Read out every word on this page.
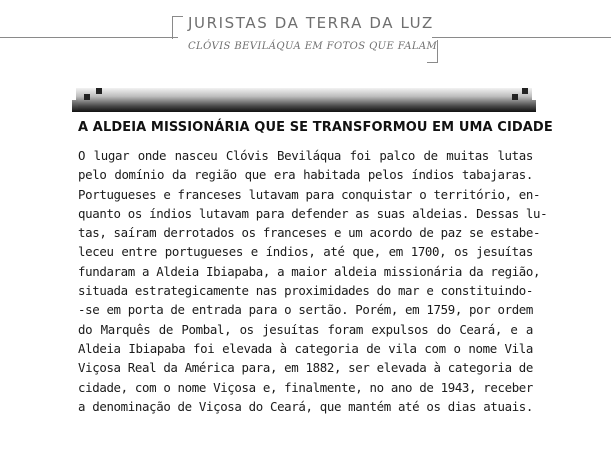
JURISTAS DA TERRA DA LUZ
CLÓVIS BEVILÁQUA EM FOTOS QUE FALAM
A ALDEIA MISSIONÁRIA QUE SE TRANSFORMOU EM UMA CIDADE
O lugar onde nasceu Clóvis Beviláqua foi palco de muitas lutas
pelo domínio da região que era habitada pelos índios tabajaras.
Portugueses e franceses lutavam para conquistar o território, en-
quanto os índios lutavam para defender as suas aldeias. Dessas lu-
tas, saíram derrotados os franceses e um acordo de paz se estabe-
leceu entre portugueses e índios, até que, em 1700, os jesuítas
fundaram a Aldeia Ibiapaba, a maior aldeia missionária da região,
situada estrategicamente nas proximidades do mar e constituindo-
-se em porta de entrada para o sertão. Porém, em 1759, por ordem
do Marquês de Pombal, os jesuítas foram expulsos do Ceará, e a
Aldeia Ibiapaba foi elevada à categoria de vila com o nome Vila
Viçosa Real da América para, em 1882, ser elevada à categoria de
cidade, com o nome Viçosa e, finalmente, no ano de 1943, receber
a denominação de Viçosa do Ceará, que mantém até os dias atuais.
